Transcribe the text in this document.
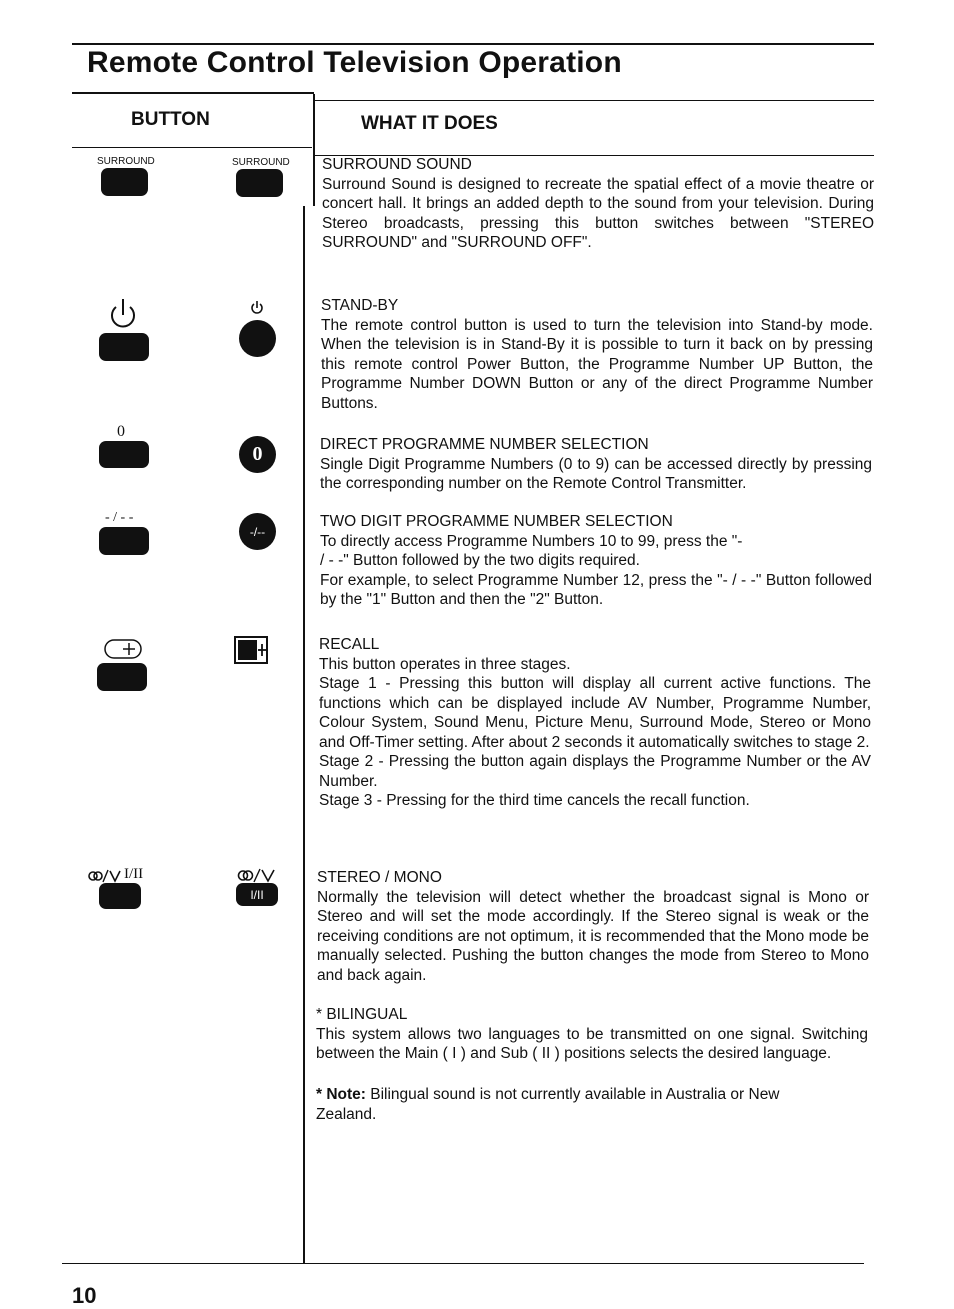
Remote Control Television Operation
BUTTON	WHAT IT DOES
SURROUND	SURROUND
0
0
- / - -
-/--
I/II
I/II
SURROUND SOUND

Surround Sound is designed to recreate the spatial effect of a movie theatre or concert hall. It brings an added depth to the sound from your television. During Stereo broadcasts, pressing this button switches between "STEREO SURROUND" and "SURROUND OFF".

STAND-BY

The remote control button is used to turn the television into Stand-by mode. When the television is in Stand-By it is possible to turn it back on by pressing this remote control Power Button, the Programme Number UP Button, the Programme Number DOWN Button or any of the direct Programme Number Buttons.

DIRECT PROGRAMME NUMBER SELECTION

Single Digit Programme Numbers (0 to 9) can be accessed directly by pressing the corresponding number on the Remote Control Transmitter.

TWO DIGIT PROGRAMME NUMBER SELECTION

To directly access Programme Numbers 10 to 99, press the "- / - -" Button followed by the two digits required.

For example, to select Programme Number 12, press the "- / - -" Button followed by the "1" Button and then the "2" Button.

RECALL

This button operates in three stages.

Stage 1 - Pressing this button will display all current active functions. The functions which can be displayed include AV Number, Programme Number, Colour System, Sound Menu, Picture Menu, Surround Mode, Stereo or Mono and Off-Timer setting. After about 2 seconds it automatically switches to stage 2.

Stage 2 - Pressing the button again displays the Programme Number or the AV Number.

Stage 3 - Pressing for the third time cancels the recall function.

STEREO / MONO

Normally the television will detect whether the broadcast signal is Mono or Stereo and will set the mode accordingly. If the Stereo signal is weak or the receiving conditions are not optimum, it is recommended that the Mono mode be manually selected. Pushing the button changes the mode from Stereo to Mono and back again.

* BILINGUAL

This system allows two languages to be transmitted on one signal. Switching between the Main ( I ) and Sub ( II ) positions selects the desired language.

* Note: Bilingual sound is not currently available in Australia or New Zealand.

10
